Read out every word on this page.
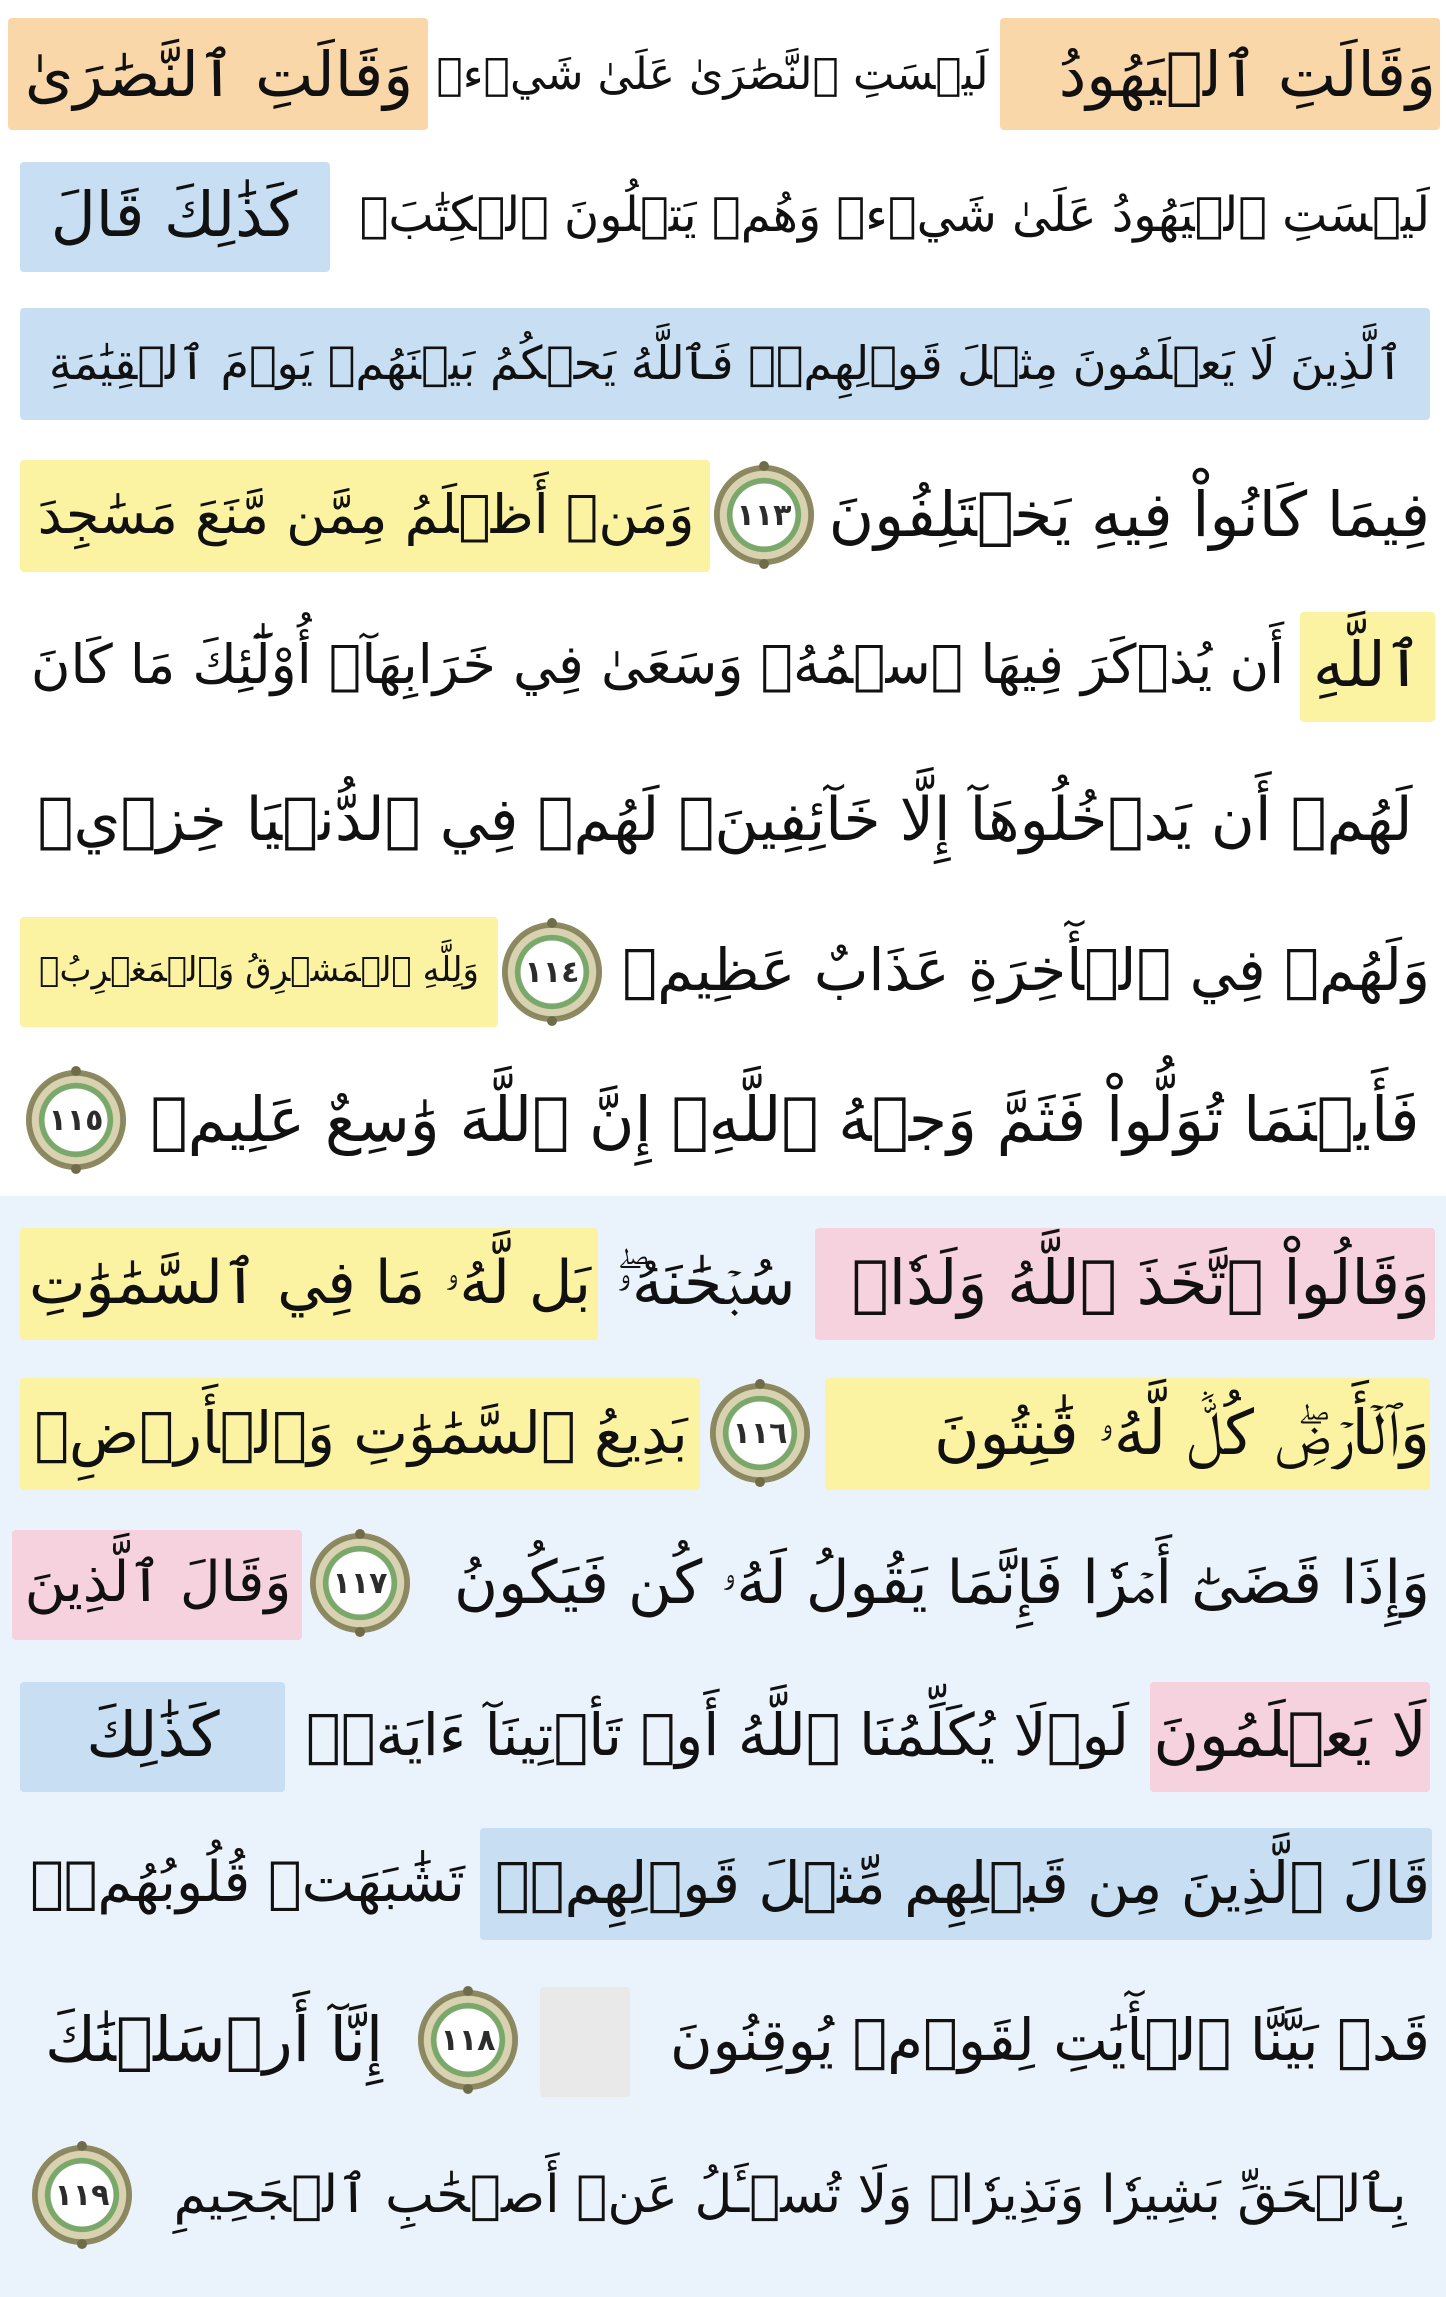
وَقَالَتِ ٱلۡيَهُودُ
لَيۡسَتِ ٱلنَّصَٰرَىٰ عَلَىٰ شَيۡءٖ
وَقَالَتِ ٱلنَّصَٰرَىٰ
لَيۡسَتِ ٱلۡيَهُودُ عَلَىٰ شَيۡءٖ وَهُمۡ يَتۡلُونَ ٱلۡكِتَٰبَۗ
كَذَٰلِكَ قَالَ
ٱلَّذِينَ لَا يَعۡلَمُونَ مِثۡلَ قَوۡلِهِمۡۚ فَٱللَّهُ يَحۡكُمُ بَيۡنَهُمۡ يَوۡمَ ٱلۡقِيَٰمَةِ
فِيمَا كَانُواْ فِيهِ يَخۡتَلِفُونَ
١١٣
وَمَنۡ أَظۡلَمُ مِمَّن مَّنَعَ مَسَٰجِدَ
ٱللَّهِ
أَن يُذۡكَرَ فِيهَا ٱسۡمُهُۥ وَسَعَىٰ فِي خَرَابِهَآۚ أُوْلَٰٓئِكَ مَا كَانَ
لَهُمۡ أَن يَدۡخُلُوهَآ إِلَّا خَآئِفِينَۚ لَهُمۡ فِي ٱلدُّنۡيَا خِزۡيٞ
وَلَهُمۡ فِي ٱلۡأٓخِرَةِ عَذَابٌ عَظِيمٞ
١١٤
وَلِلَّهِ ٱلۡمَشۡرِقُ وَٱلۡمَغۡرِبُۚ
فَأَيۡنَمَا تُوَلُّواْ فَثَمَّ وَجۡهُ ٱللَّهِۚ إِنَّ ٱللَّهَ وَٰسِعٌ عَلِيمٞ
١١٥
وَقَالُواْ ٱتَّخَذَ ٱللَّهُ وَلَدٗاۗ
سُبۡحَٰنَهُۥۖ
بَل لَّهُۥ مَا فِي ٱلسَّمَٰوَٰتِ
وَٱلۡأَرۡضِۖ كُلّٞ لَّهُۥ قَٰنِتُونَ
١١٦
بَدِيعُ ٱلسَّمَٰوَٰتِ وَٱلۡأَرۡضِۖ
وَإِذَا قَضَىٰٓ أَمۡرٗا فَإِنَّمَا يَقُولُ لَهُۥ كُن فَيَكُونُ
١١٧
وَقَالَ ٱلَّذِينَ
لَا يَعۡلَمُونَ
لَوۡلَا يُكَلِّمُنَا ٱللَّهُ أَوۡ تَأۡتِينَآ ءَايَةٞۗ
كَذَٰلِكَ
قَالَ ٱلَّذِينَ مِن قَبۡلِهِم مِّثۡلَ قَوۡلِهِمۡۘ
تَشَٰبَهَتۡ قُلُوبُهُمۡۗ
قَدۡ بَيَّنَّا ٱلۡأٓيَٰتِ لِقَوۡمٖ يُوقِنُونَ
١١٨
إِنَّآ أَرۡسَلۡنَٰكَ
بِٱلۡحَقِّ بَشِيرٗا وَنَذِيرٗاۖ وَلَا تُسۡـَٔلُ عَنۡ أَصۡحَٰبِ ٱلۡجَحِيمِ
١١٩
